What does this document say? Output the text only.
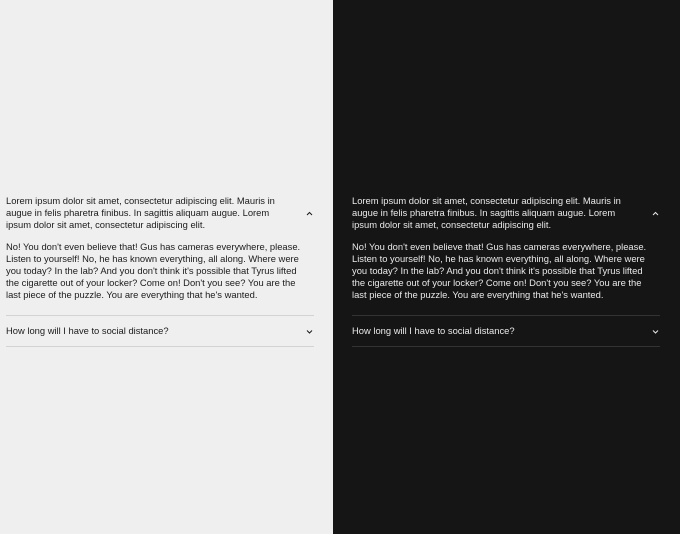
Lorem ipsum dolor sit amet, consectetur adipiscing elit. Mauris in augue in felis pharetra finibus. In sagittis aliquam augue. Lorem ipsum dolor sit amet, consectetur adipiscing elit.
No! You don't even believe that! Gus has cameras everywhere, please. Listen to yourself! No, he has known everything, all along. Where were you today? In the lab? And you don't think it's possible that Tyrus lifted the cigarette out of your locker? Come on! Don't you see? You are the last piece of the puzzle. You are everything that he's wanted.
How long will I have to social distance?
Lorem ipsum dolor sit amet, consectetur adipiscing elit. Mauris in augue in felis pharetra finibus. In sagittis aliquam augue. Lorem ipsum dolor sit amet, consectetur adipiscing elit.
No! You don't even believe that! Gus has cameras everywhere, please. Listen to yourself! No, he has known everything, all along. Where were you today? In the lab? And you don't think it's possible that Tyrus lifted the cigarette out of your locker? Come on! Don't you see? You are the last piece of the puzzle. You are everything that he's wanted.
How long will I have to social distance?
